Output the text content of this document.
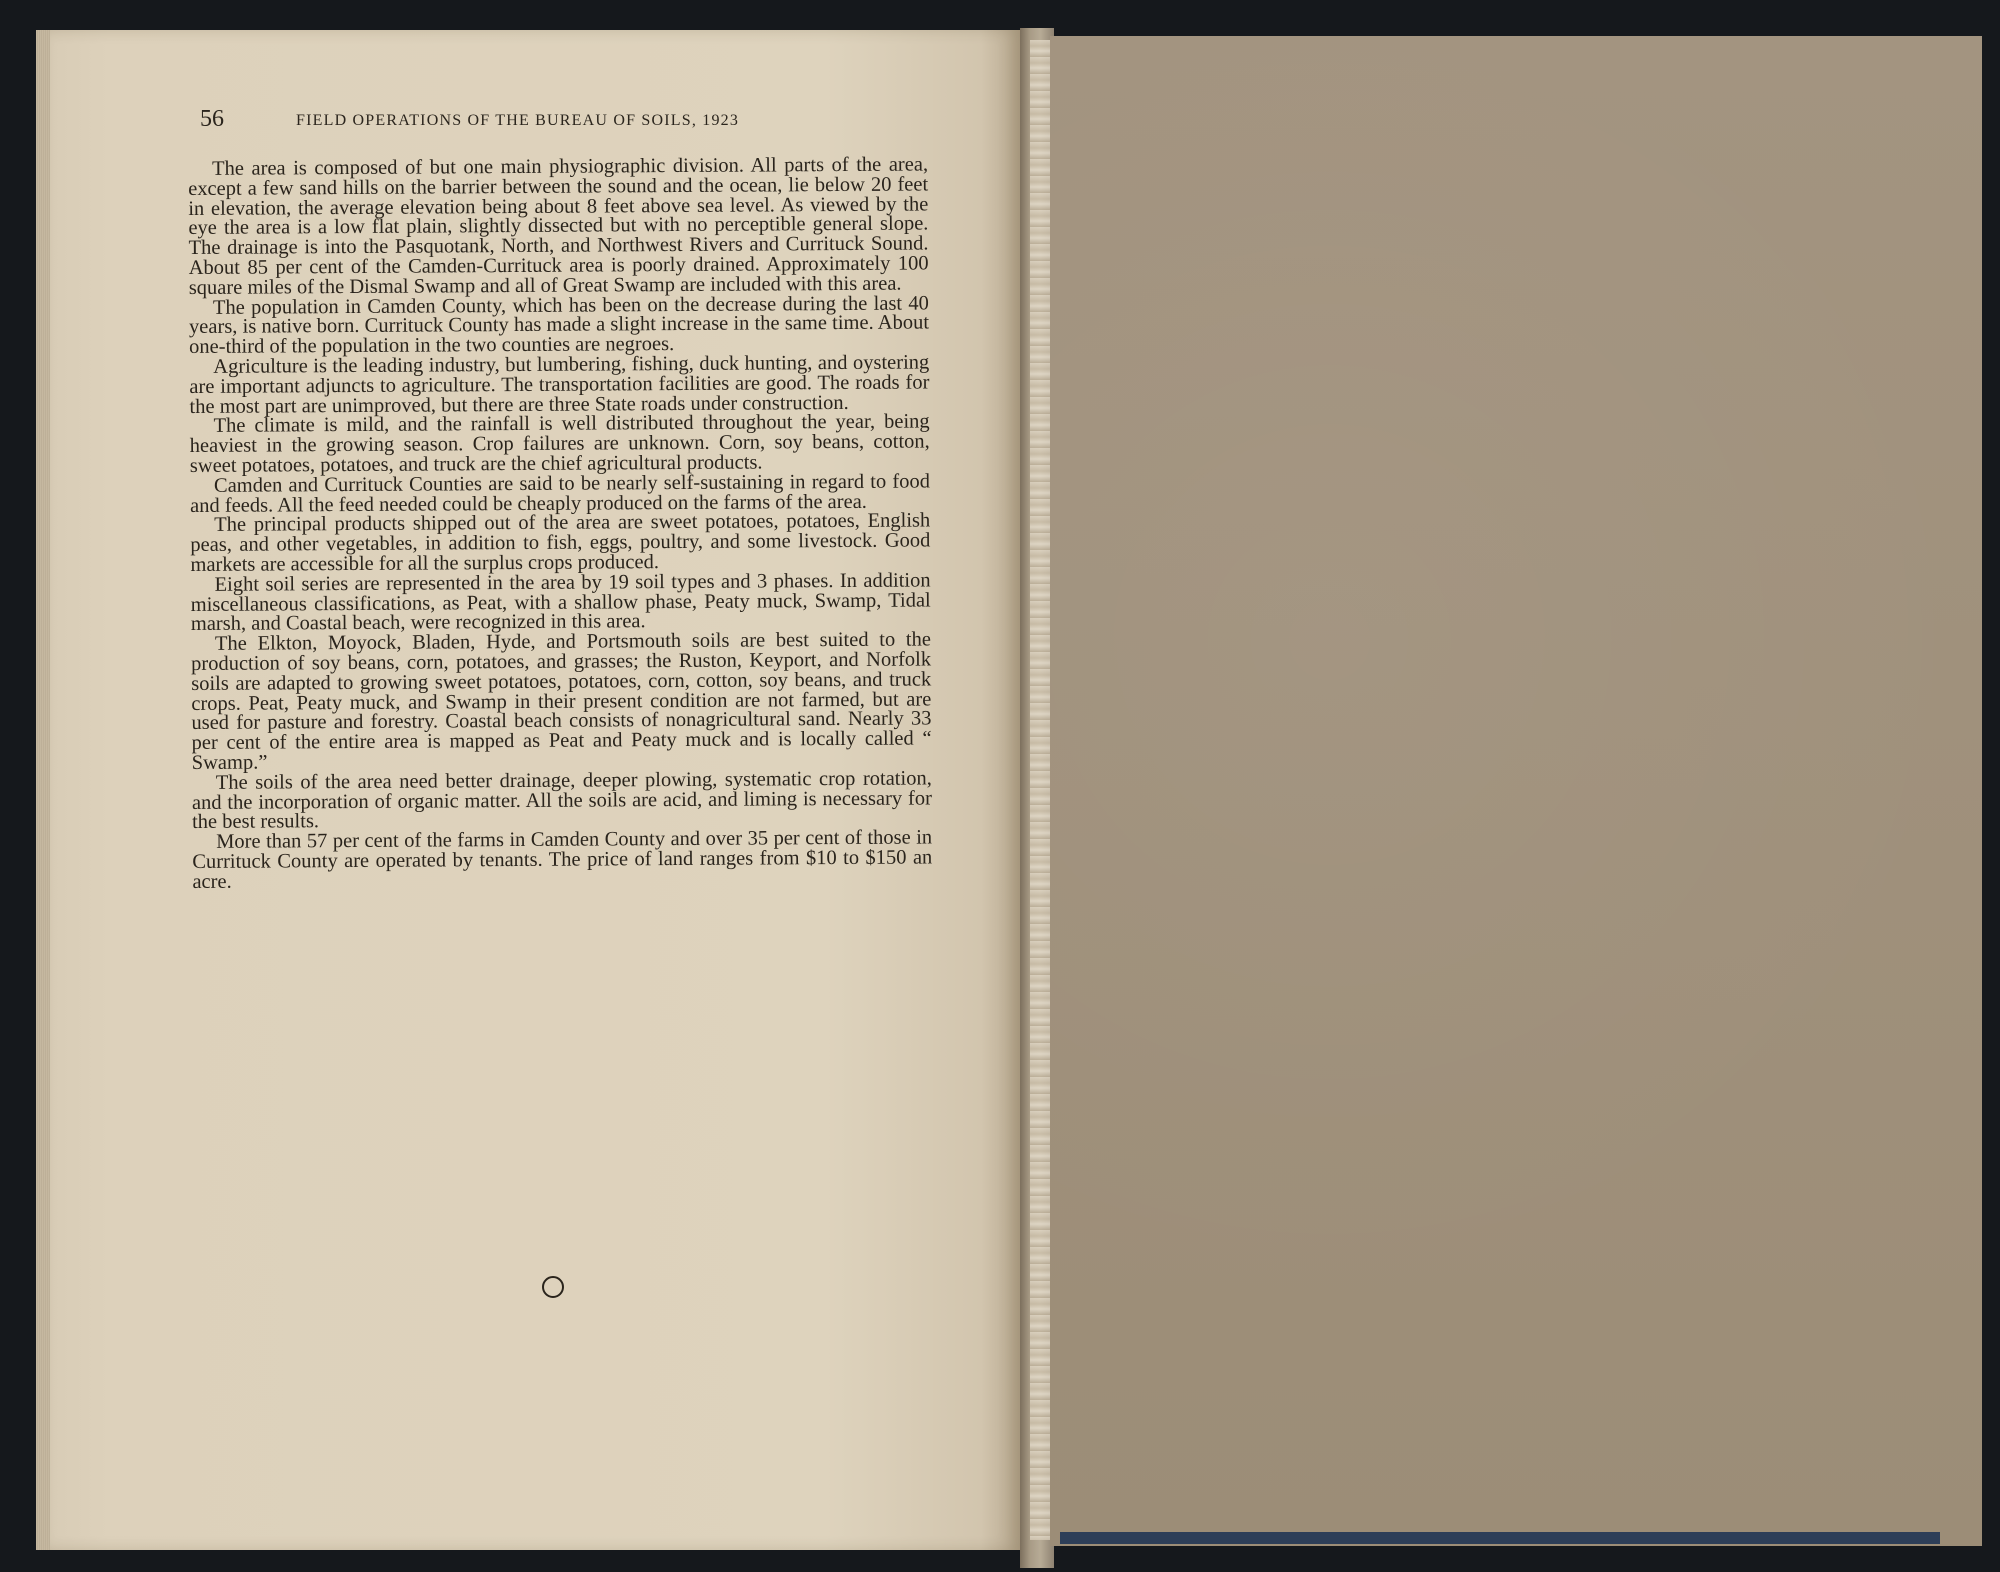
56	FIELD OPERATIONS OF THE BUREAU OF SOILS, 1923

The area is composed of but one main physiographic division. All parts of the area, except a few sand hills on the barrier between the sound and the ocean, lie below 20 feet in elevation, the average elevation being about 8 feet above sea level. As viewed by the eye the area is a low flat plain, slightly dissected but with no perceptible general slope. The drainage is into the Pasquotank, North, and Northwest Rivers and Currituck Sound. About 85 per cent of the Camden-Currituck area is poorly drained. Approximately 100 square miles of the Dismal Swamp and all of Great Swamp are included with this area.

The population in Camden County, which has been on the decrease during the last 40 years, is native born. Currituck County has made a slight increase in the same time. About one-third of the population in the two counties are negroes.

Agriculture is the leading industry, but lumbering, fishing, duck hunting, and oystering are important adjuncts to agriculture. The transportation facilities are good. The roads for the most part are unimproved, but there are three State roads under construction.

The climate is mild, and the rainfall is well distributed throughout the year, being heaviest in the growing season. Crop failures are unknown. Corn, soy beans, cotton, sweet potatoes, potatoes, and truck are the chief agricultural products.

Camden and Currituck Counties are said to be nearly self-sustaining in regard to food and feeds. All the feed needed could be cheaply produced on the farms of the area.

The principal products shipped out of the area are sweet potatoes, potatoes, English peas, and other vegetables, in addition to fish, eggs, poultry, and some livestock. Good markets are accessible for all the surplus crops produced.

Eight soil series are represented in the area by 19 soil types and 3 phases. In addition miscellaneous classifications, as Peat, with a shallow phase, Peaty muck, Swamp, Tidal marsh, and Coastal beach, were recognized in this area.

The Elkton, Moyock, Bladen, Hyde, and Portsmouth soils are best suited to the production of soy beans, corn, potatoes, and grasses; the Ruston, Keyport, and Norfolk soils are adapted to growing sweet potatoes, potatoes, corn, cotton, soy beans, and truck crops. Peat, Peaty muck, and Swamp in their present condition are not farmed, but are used for pasture and forestry. Coastal beach consists of nonagricultural sand. Nearly 33 per cent of the entire area is mapped as Peat and Peaty muck and is locally called “ Swamp.”

The soils of the area need better drainage, deeper plowing, systematic crop rotation, and the incorporation of organic matter. All the soils are acid, and liming is necessary for the best results.

More than 57 per cent of the farms in Camden County and over 35 per cent of those in Currituck County are operated by tenants. The price of land ranges from $10 to $150 an acre.
